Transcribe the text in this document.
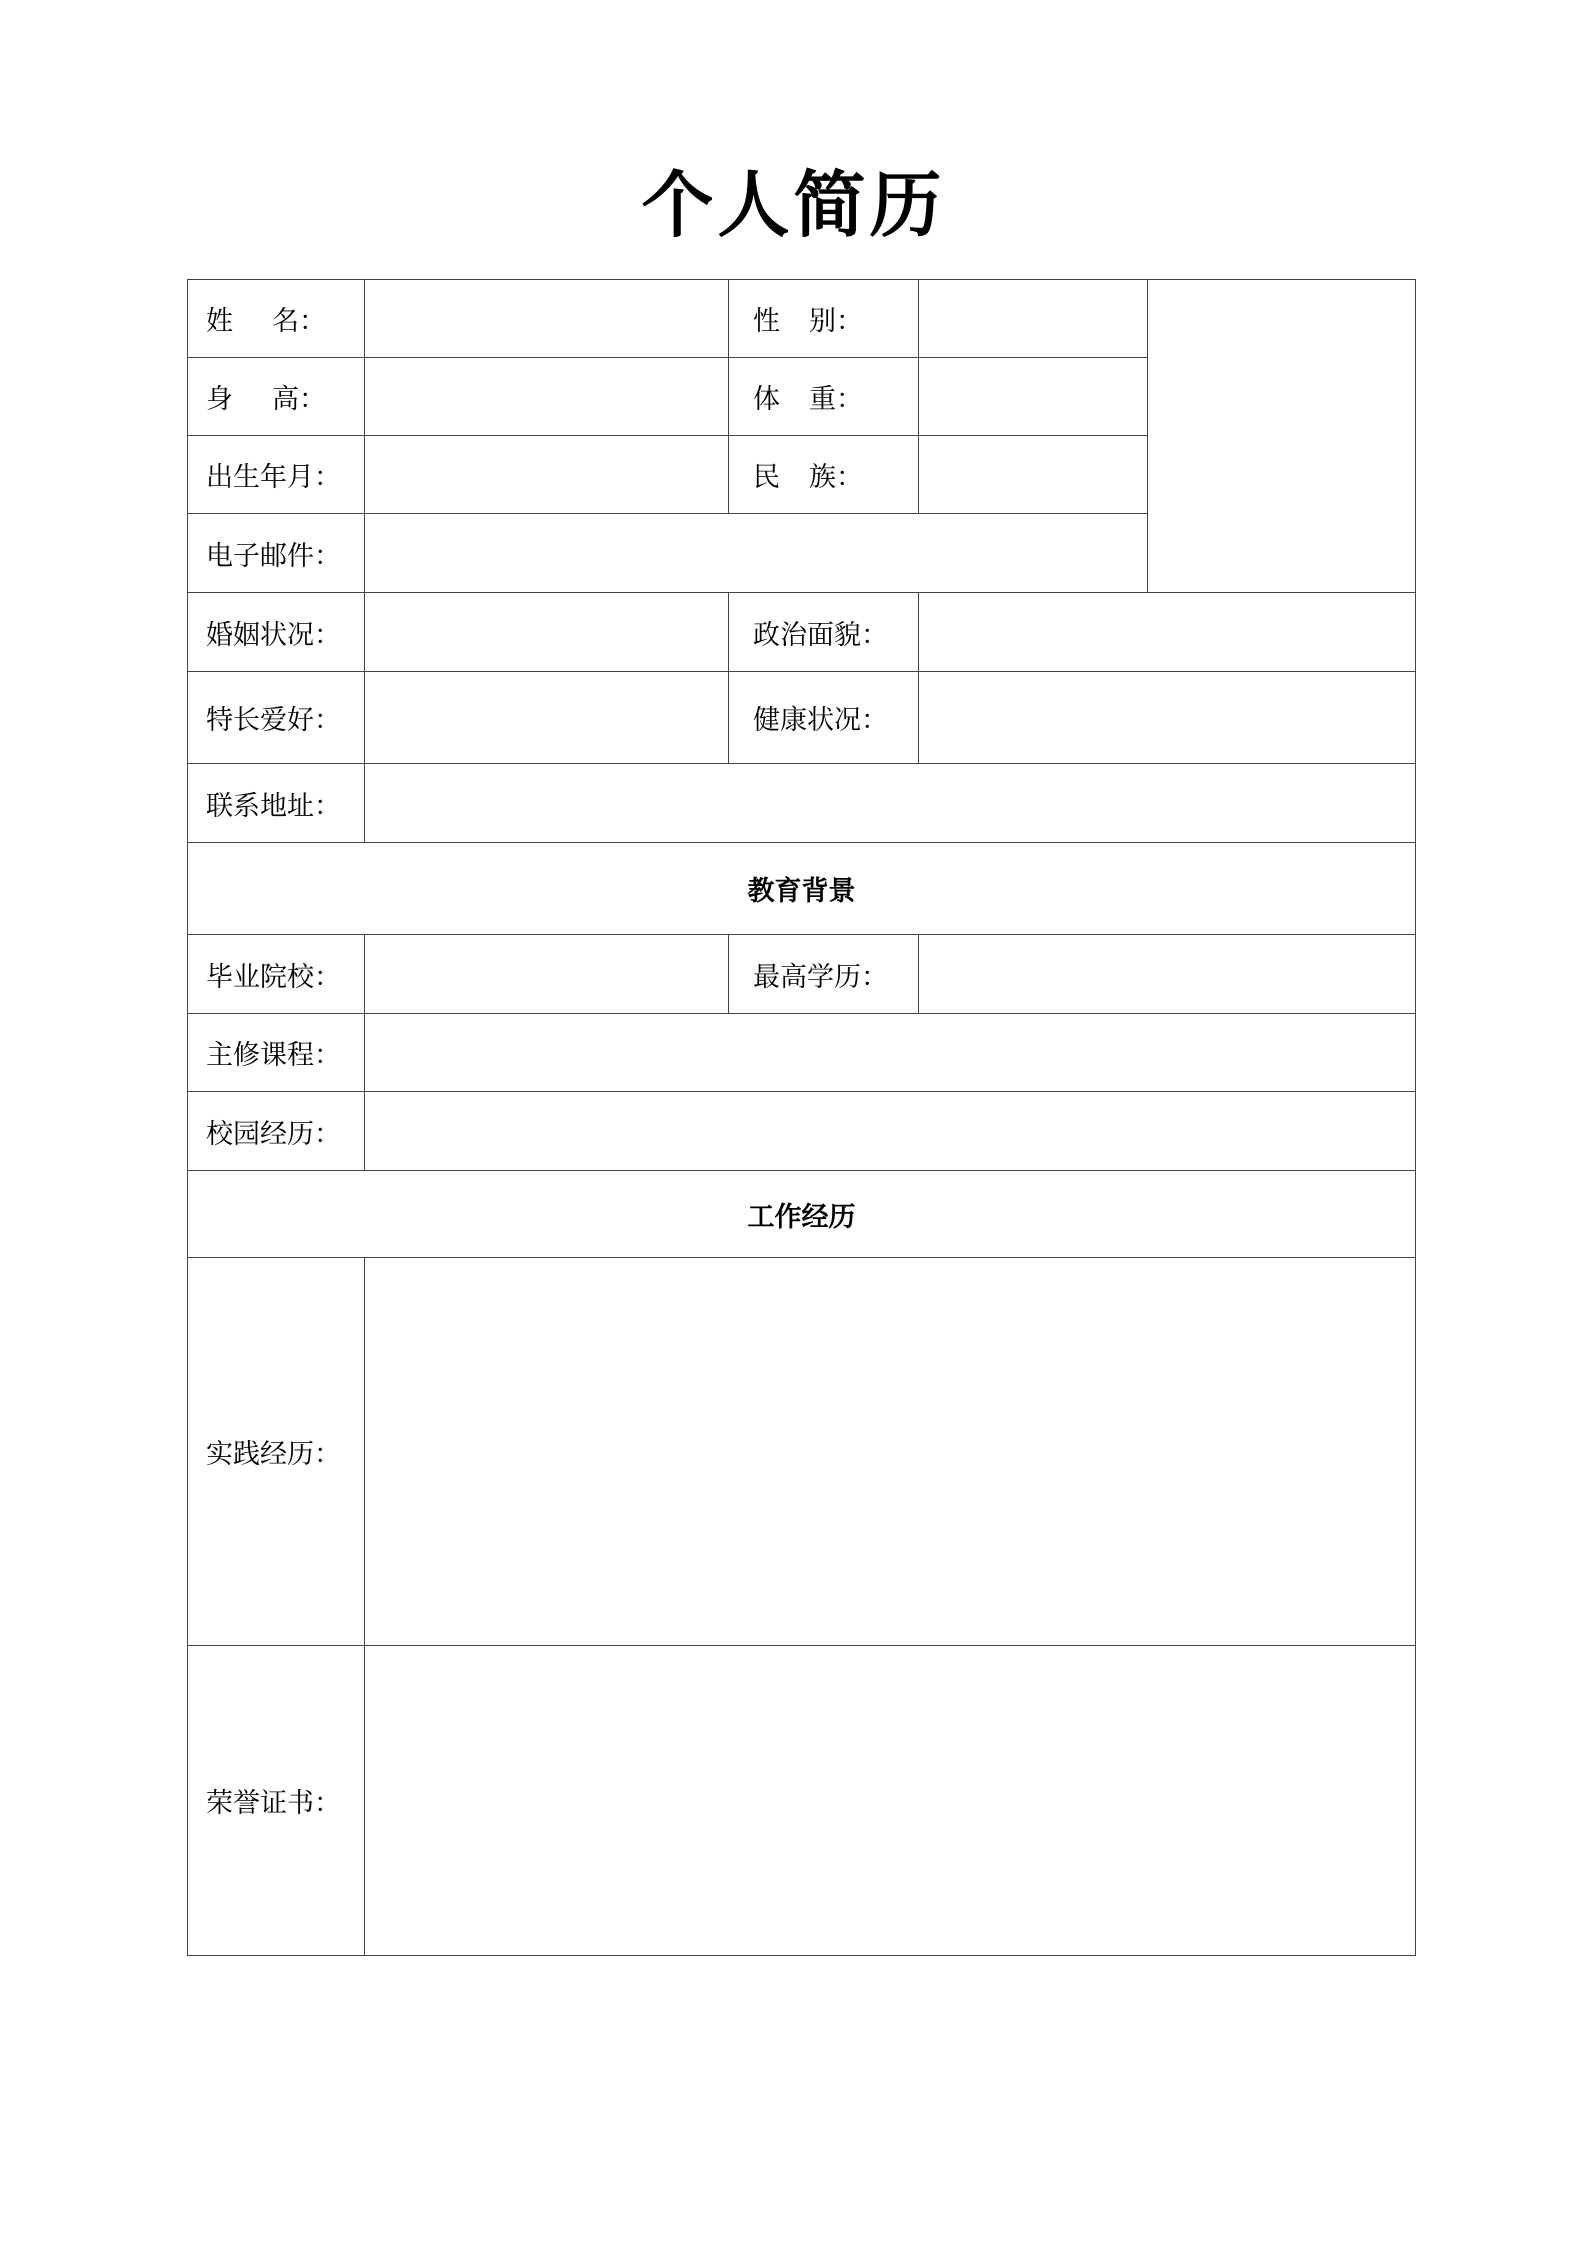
个人简历
姓 名：		性 别：		

身 高：		体 重：		

出生年月：		民 族：		

电子邮件：				
婚姻状况：		政治面貌：		
特长爱好：		健康状况：		
联系地址：				
教育背景				
毕业院校：		最高学历：		
主修课程：				
校园经历：				
工作经历				
实践经历：				
荣誉证书：				
